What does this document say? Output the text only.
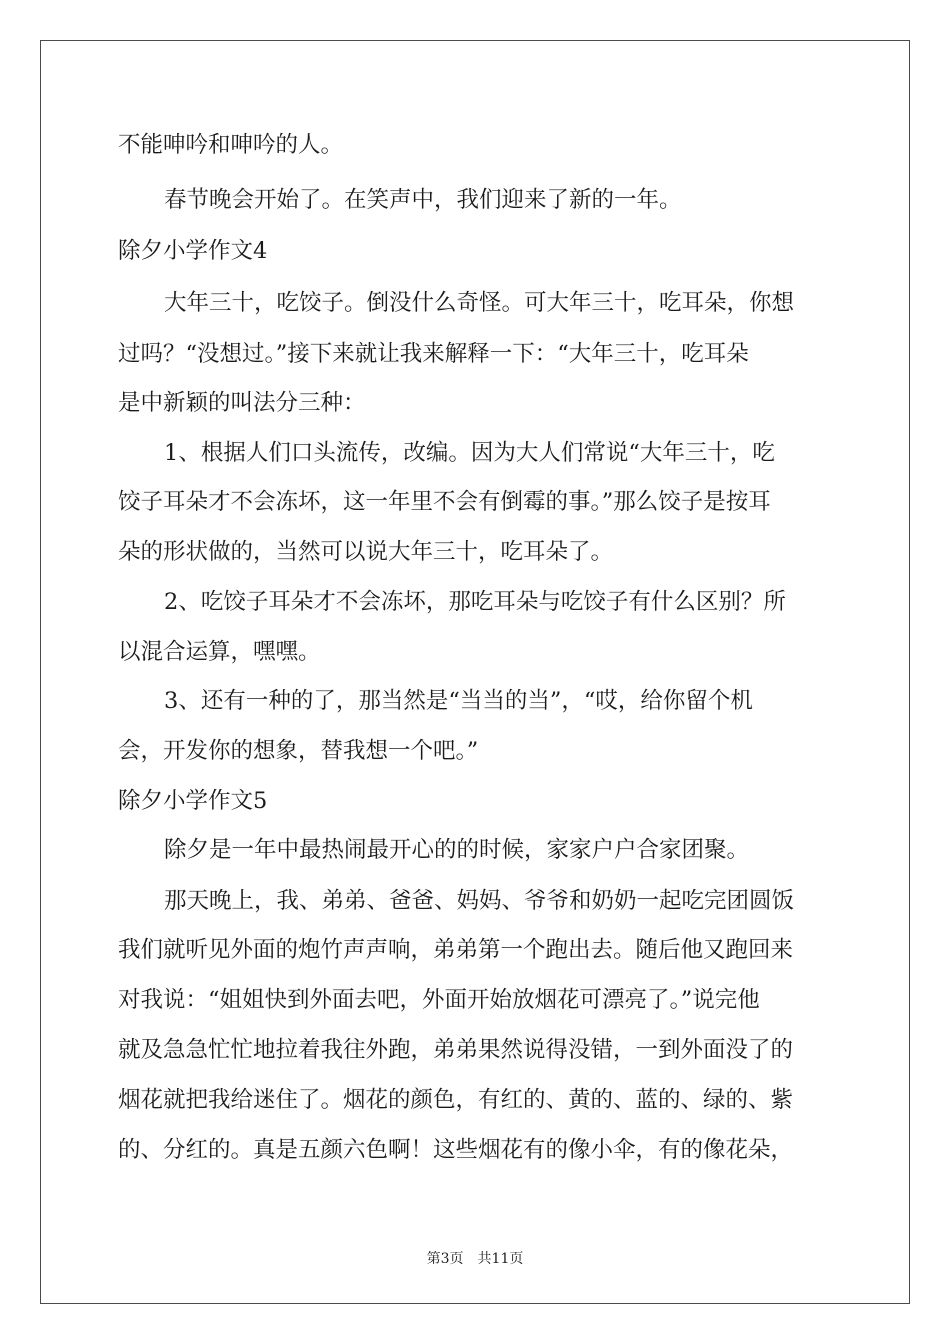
不能呻吟和呻吟的人。
春节晚会开始了。在笑声中，我们迎来了新的一年。
除夕小学作文4
大年三十，吃饺子。倒没什么奇怪。可大年三十，吃耳朵，你想
过吗？“没想过。”接下来就让我来解释一下：“大年三十，吃耳朵
是中新颖的叫法分三种：
1、根据人们口头流传，改编。因为大人们常说“大年三十，吃
饺子耳朵才不会冻坏，这一年里不会有倒霉的事。”那么饺子是按耳
朵的形状做的，当然可以说大年三十，吃耳朵了。
2、吃饺子耳朵才不会冻坏，那吃耳朵与吃饺子有什么区别？所
以混合运算，嘿嘿。
3、还有一种的了，那当然是“当当的当”，“哎，给你留个机
会，开发你的想象，替我想一个吧。”
除夕小学作文5
除夕是一年中最热闹最开心的的时候，家家户户合家团聚。
那天晚上，我、弟弟、爸爸、妈妈、爷爷和奶奶一起吃完团圆饭
我们就听见外面的炮竹声声响，弟弟第一个跑出去。随后他又跑回来
对我说：“姐姐快到外面去吧，外面开始放烟花可漂亮了。”说完他
就及急急忙忙地拉着我往外跑，弟弟果然说得没错，一到外面没了的
烟花就把我给迷住了。烟花的颜色，有红的、黄的、蓝的、绿的、紫
的、分红的。真是五颜六色啊！这些烟花有的像小伞，有的像花朵，
第3页 共11页
